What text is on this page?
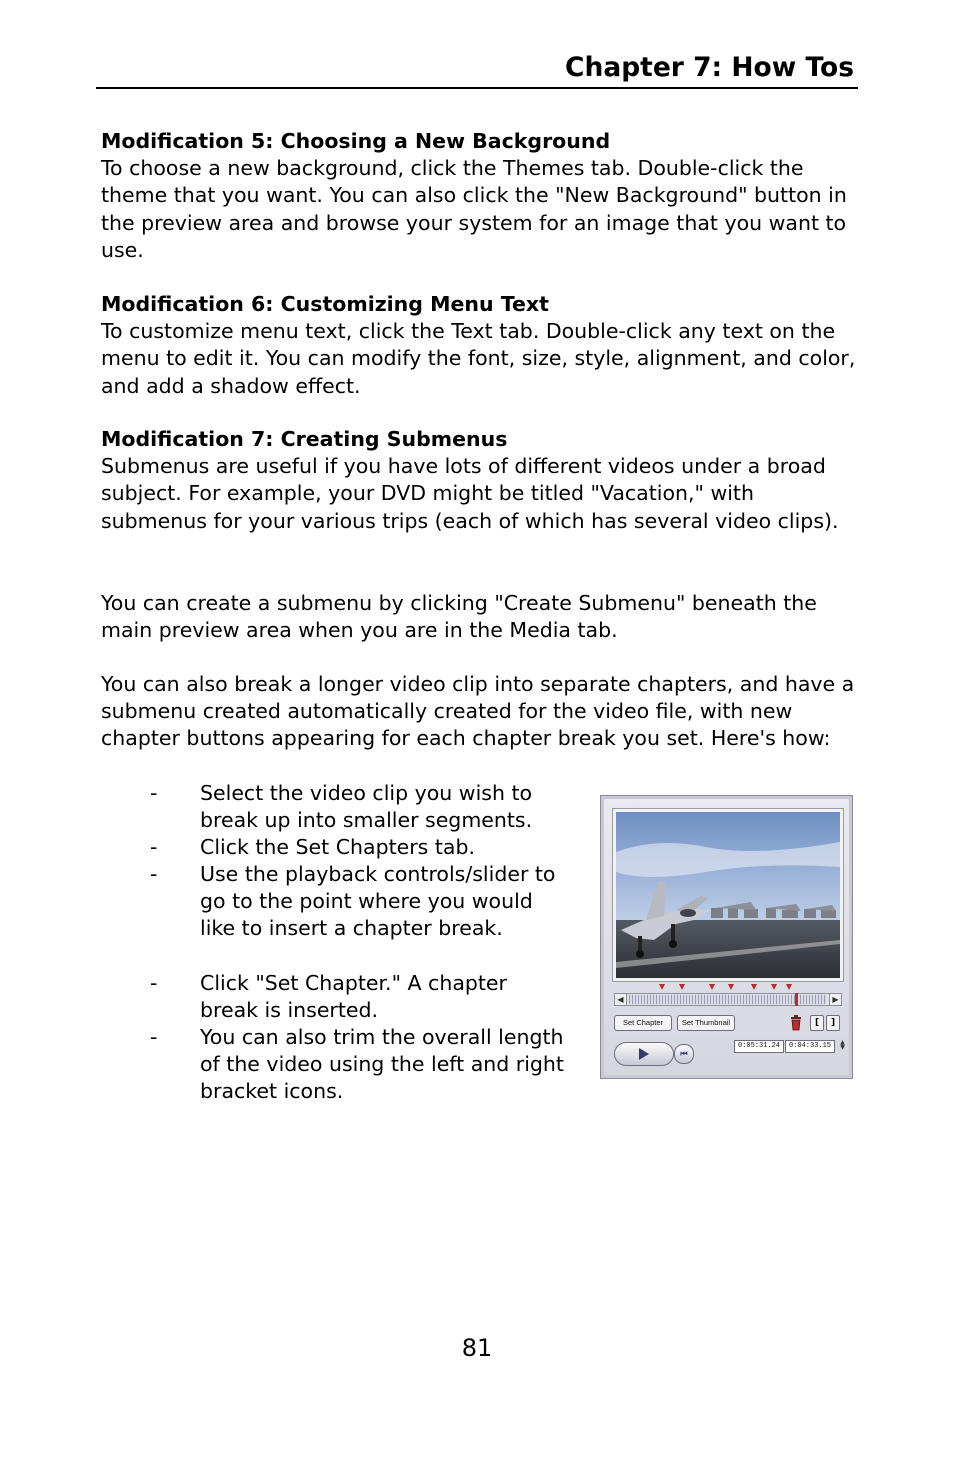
Chapter 7: How Tos
Modification 5: Choosing a New Background
To choose a new background, click the Themes tab. Double-click the theme that you want. You can also click the "New Background" button in the preview area and browse your system for an image that you want to use.
Modification 6: Customizing Menu Text
To customize menu text, click the Text tab. Double-click any text on the menu to edit it. You can modify the font, size, style, alignment, and color, and add a shadow effect.
Modification 7: Creating Submenus
Submenus are useful if you have lots of different videos under a broad subject. For example, your DVD might be titled "Vacation," with submenus for your various trips (each of which has several video clips).
You can create a submenu by clicking "Create Submenu" beneath the main preview area when you are in the Media tab.
You can also break a longer video clip into separate chapters, and have a submenu created automatically created for the video file, with new chapter buttons appearing for each chapter break you set. Here's how:
- Select the video clip you wish to break up into smaller segments.
- Click the Set Chapters tab.
- Use the playback controls/slider to go to the point where you would like to insert a chapter break.
- Click "Set Chapter." A chapter break is inserted.
- You can also trim the overall length of the video using the left and right bracket icons.
◀	▶
Set Chapter	Set Thumbnail	[	]
⏮
0:05:31.24	0:04:33.15	▲
▼
81
